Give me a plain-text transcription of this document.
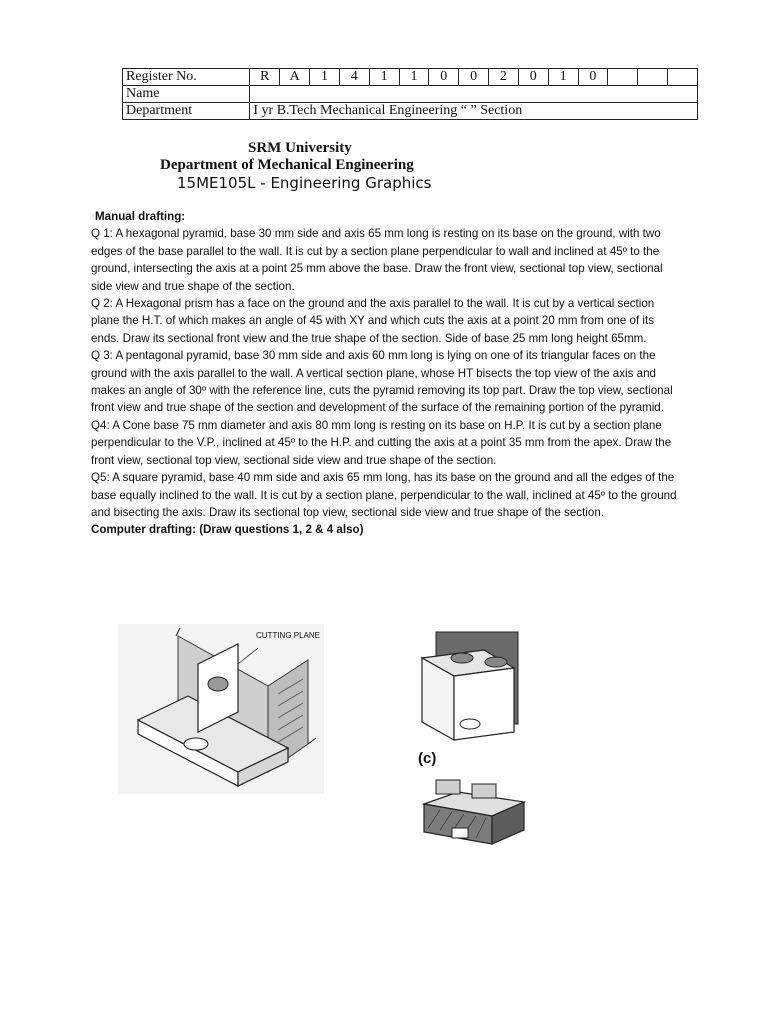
Register No.	R	A	1	4	1	1	0	0	2	0	1	0			
Name															
Department	I yr B.Tech Mechanical Engineering “ ” Section														
SRM University
Department of Mechanical Engineering
15ME105L - Engineering Graphics

Manual drafting:

Q 1: A hexagonal pyramid, base 30 mm side and axis 65 mm long is resting on its base on the ground, with two edges of the base parallel to the wall. It is cut by a section plane perpendicular to wall and inclined at 45º to the ground, intersecting the axis at a point 25 mm above the base. Draw the front view, sectional top view, sectional side view and true shape of the section.

Q 2: A Hexagonal prism has a face on the ground and the axis parallel to the wall. It is cut by a vertical section plane the H.T. of which makes an angle of 45 with XY and which cuts the axis at a point 20 mm from one of its ends. Draw its sectional front view and the true shape of the section. Side of base 25 mm long height 65mm.

Q 3: A pentagonal pyramid, base 30 mm side and axis 60 mm long is lying on one of its triangular faces on the ground with the axis parallel to the wall. A vertical section plane, whose HT bisects the top view of the axis and makes an angle of 30º with the reference line, cuts the pyramid removing its top part. Draw the top view, sectional front view and true shape of the section and development of the surface of the remaining portion of the pyramid.

Q4: A Cone base 75 mm diameter and axis 80 mm long is resting on its base on H.P. It is cut by a section plane perpendicular to the V.P., inclined at 45º to the H.P. and cutting the axis at a point 35 mm from the apex. Draw the front view, sectional top view, sectional side view and true shape of the section.

Q5: A square pyramid, base 40 mm side and axis 65 mm long, has its base on the ground and all the edges of the base equally inclined to the wall. It is cut by a section plane, perpendicular to the wall, inclined at 45º to the ground and bisecting the axis. Draw its sectional top view, sectional side view and true shape of the section.

Computer drafting: (Draw questions 1, 2 & 4 also)

CUTTING PLANE
(c)
